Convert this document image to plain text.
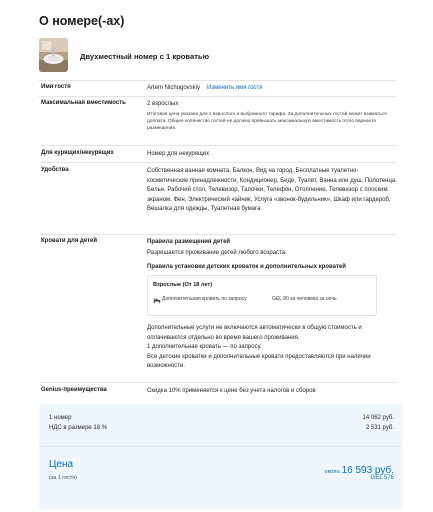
О номере(-ах)
Двухместный номер с 1 кроватью
Имя гостя	Artem Nichugovskiy Изменить имя гостя
Максимальная вместимость	2 взрослых
Итоговая цена указана для 1 взрослого и выбранного тарифа. За дополнительных гостей может взиматься доплата. Общее количество гостей не должно превышать максимальную вместимость этого варианта размещения.
Для курящих/некурящих	Номер для некурящих
Удобства	Собственная ванная комната, Балкон, Вид на город, Бесплатные туалетно-косметические принадлежности, Кондиционер, Биде, Туалет, Ванна или душ, Полотенца, Белье, Рабочий стол, Телевизор, Тапочки, Телефон, Отопление, Телевизор с плоским экраном, Фен, Электрический чайник, Услуга «звонок-будильник», Шкаф или гардероб, Вешалка для одежды, Туалетная бумага
Кровати для детей	Правила размещения детей
Разрешается проживание детей любого возраста.
Правила установки детских кроваток и дополнительных кроватей
Взрослые (От 18 лет)
Дополнительная кровать по запросу	GEL 80 за человека за ночь
Дополнительные услуги не включаются автоматически в общую стоимость и оплачиваются отдельно во время вашего проживания.
1 дополнительная кровать — по запросу.
Все детские кроватки и дополнительные кровати предоставляются при наличии возможности.
Genius-преимущества	Скидка 10% применяется к цене без учета налогов и сборов
1 номер	14 062 руб.
НДС в размере 18 %	2 531 руб.
Цена
(за 1 гостя)
около 16 593 руб.
GEL 576
